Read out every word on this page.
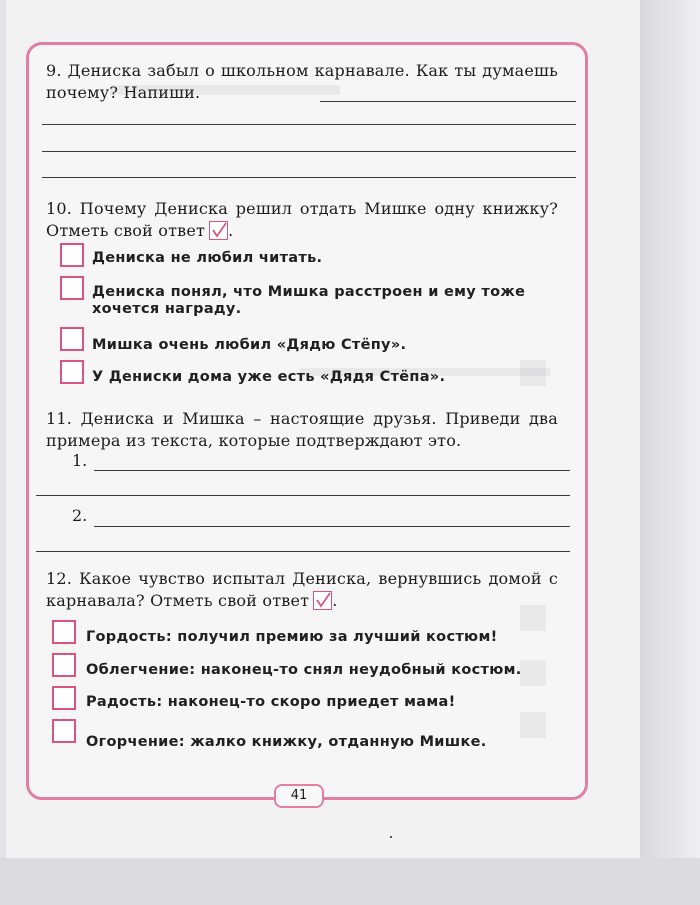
9. Дениска забыл о школьном карнавале. Как ты думаешь почему? Напиши.
10. Почему Дениска решил отдать Мишке одну книжку? Отметь свой ответ .
Дениска не любил читать.
Дениска понял, что Мишка расстроен и ему тоже хочется награду.
Мишка очень любил «Дядю Стёпу».
У Дениски дома уже есть «Дядя Стёпа».
11. Дениска и Мишка – настоящие друзья. Приведи два примера из текста, которые подтверждают это.
1.
2.
12. Какое чувство испытал Дениска, вернувшись домой с карнавала? Отметь свой ответ .
Гордость: получил премию за лучший костюм!
Облегчение: наконец-то снял неудобный костюм.
Радость: наконец-то скоро приедет мама!
Огорчение: жалко книжку, отданную Мишке.
41
